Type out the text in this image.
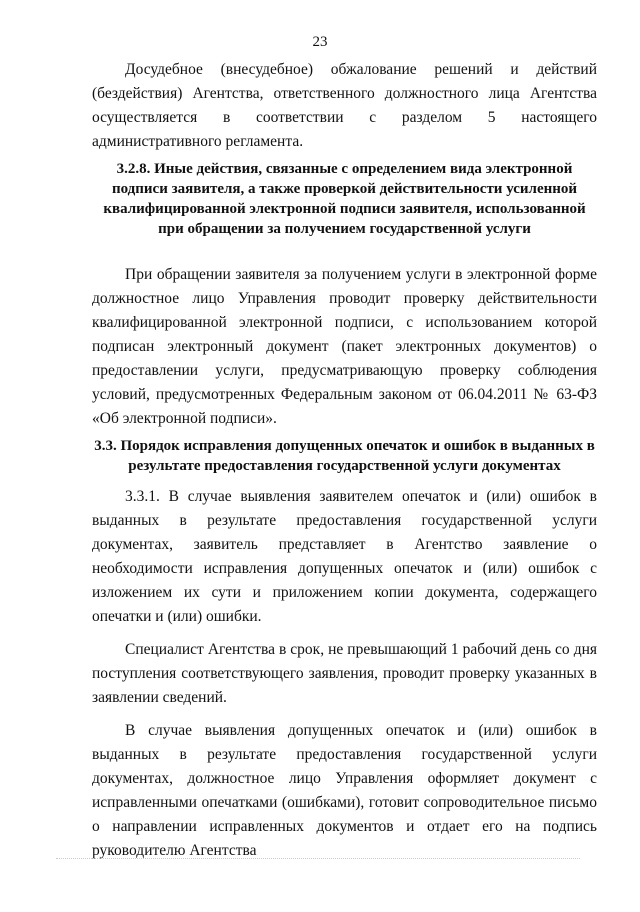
23

Досудебное (внесудебное) обжалование решений и действий (бездействия) Агентства, ответственного должностного лица Агентства осуществляется в соответствии с разделом 5 настоящего административного регламента.

3.2.8. Иные действия, связанные с определением вида электронной подписи заявителя, а также проверкой действительности усиленной квалифицированной электронной подписи заявителя, использованной при обращении за получением государственной услуги

При обращении заявителя за получением услуги в электронной форме должностное лицо Управления проводит проверку действительности квалифицированной электронной подписи, с использованием которой подписан электронный документ (пакет электронных документов) о предоставлении услуги, предусматривающую проверку соблюдения условий, предусмотренных Федеральным законом от 06.04.2011 № 63-ФЗ «Об электронной подписи».

3.3. Порядок исправления допущенных опечаток и ошибок в выданных в результате предоставления государственной услуги документах

3.3.1. В случае выявления заявителем опечаток и (или) ошибок в выданных в результате предоставления государственной услуги документах, заявитель представляет в Агентство заявление о необходимости исправления допущенных опечаток и (или) ошибок с изложением их сути и приложением копии документа, содержащего опечатки и (или) ошибки.

Специалист Агентства в срок, не превышающий 1 рабочий день со дня поступления соответствующего заявления, проводит проверку указанных в заявлении сведений.

В случае выявления допущенных опечаток и (или) ошибок в выданных в результате предоставления государственной услуги документах, должностное лицо Управления оформляет документ с исправленными опечатками (ошибками), готовит сопроводительное письмо о направлении исправленных документов и отдает его на подпись руководителю Агентства
